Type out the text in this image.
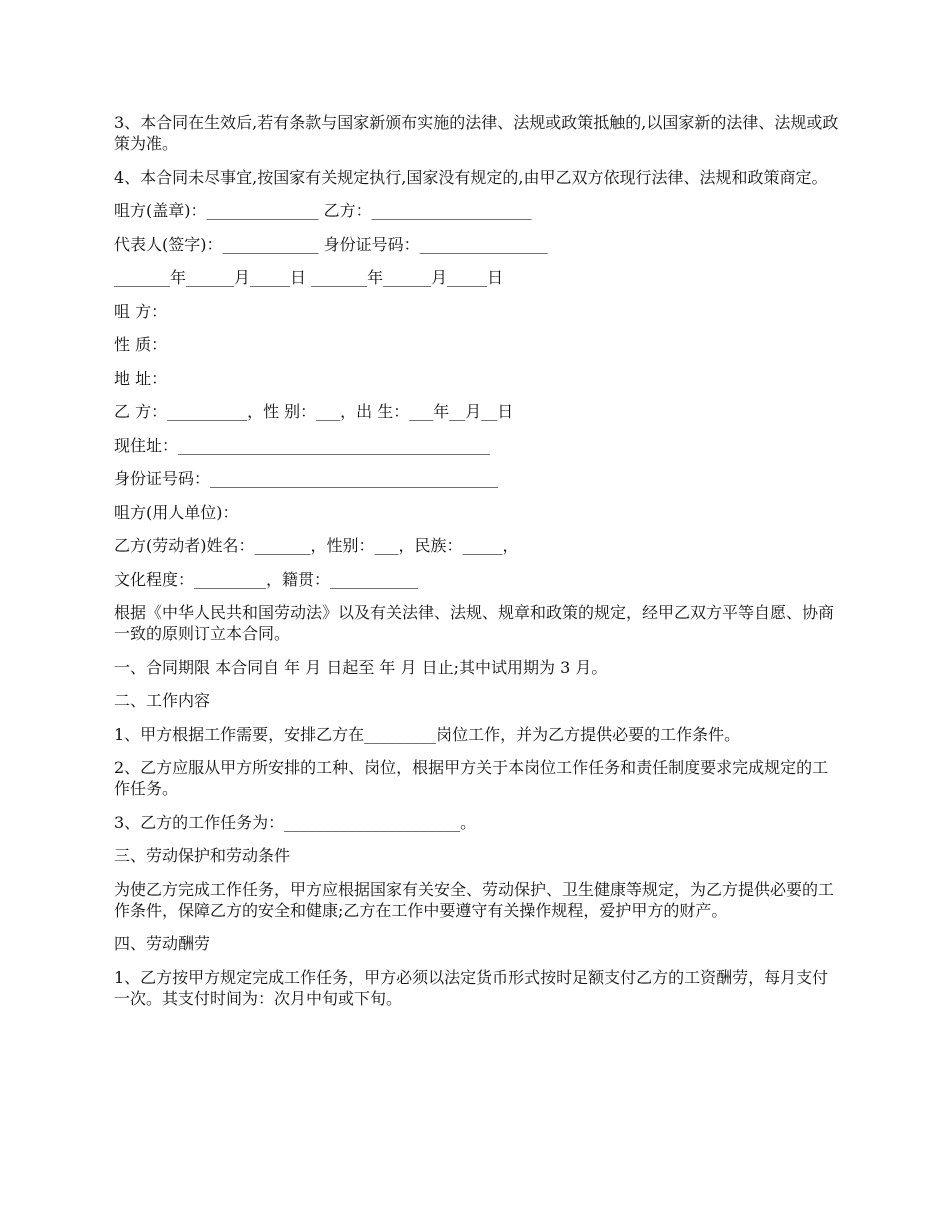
3、本合同在生效后,若有条款与国家新颁布实施的法律、法规或政策抵触的,以国家新的法律、法规或政策为准。

4、本合同未尽事宜,按国家有关规定执行,国家没有规定的,由甲乙双方依现行法律、法规和政策商定。

咀方(盖章)：______________ 乙方：____________________

代表人(签字)：____________ 身份证号码：________________

_______年______月_____日 _______年______月_____日

咀 方：

性 质：

地 址：

乙 方：__________，性 别：___，出 生：___年__月__日

现住址：_______________________________________

身份证号码：____________________________________

咀方(用人单位)：

乙方(劳动者)姓名：_______，性别：___，民族：_____，

文化程度：_________，籍贯：___________

根据《中华人民共和国劳动法》以及有关法律、法规、规章和政策的规定，经甲乙双方平等自愿、协商一致的原则订立本合同。

一、合同期限 本合同自 年 月 日起至 年 月 日止;其中试用期为 3 月。

二、工作内容

1、甲方根据工作需要，安排乙方在_________岗位工作，并为乙方提供必要的工作条件。

2、乙方应服从甲方所安排的工种、岗位，根据甲方关于本岗位工作任务和责任制度要求完成规定的工作任务。

3、乙方的工作任务为：______________________。

三、劳动保护和劳动条件

为使乙方完成工作任务，甲方应根据国家有关安全、劳动保护、卫生健康等规定，为乙方提供必要的工作条件，保障乙方的安全和健康;乙方在工作中要遵守有关操作规程，爱护甲方的财产。

四、劳动酬劳

1、乙方按甲方规定完成工作任务，甲方必须以法定货币形式按时足额支付乙方的工资酬劳，每月支付一次。其支付时间为：次月中旬或下旬。
